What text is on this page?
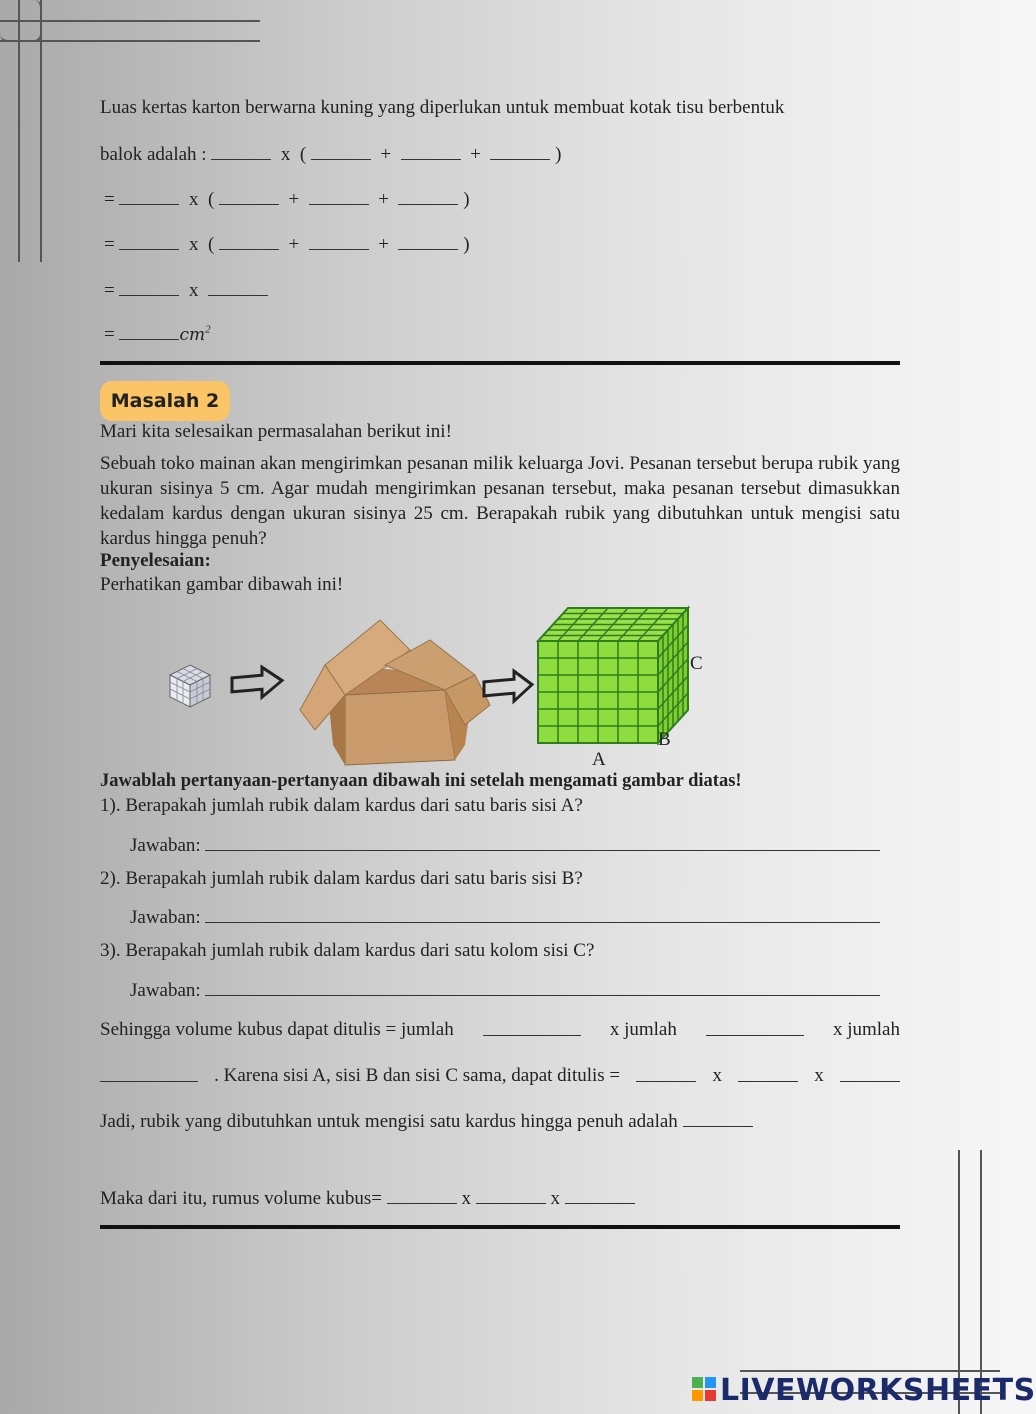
Luas kertas karton berwarna kuning yang diperlukan untuk membuat kotak tisu berbentuk
balok adalah :	x (	+	+	)
=	x (	+	+	)
=	x (	+	+	)
=	x
=	$cm^2$
Masalah 2
Mari kita selesaikan permasalahan berikut ini!
Sebuah toko mainan akan mengirimkan pesanan milik keluarga Jovi. Pesanan tersebut berupa rubik yang ukuran sisinya 5 cm. Agar mudah mengirimkan pesanan tersebut, maka pesanan tersebut dimasukkan kedalam kardus dengan ukuran sisinya 25 cm. Berapakah rubik yang dibutuhkan untuk mengisi satu kardus hingga penuh?
Penyelesaian:
Perhatikan gambar dibawah ini!
A
B
C
Jawablah pertanyaan-pertanyaan dibawah ini setelah mengamati gambar diatas!
1). Berapakah jumlah rubik dalam kardus dari satu baris sisi A?
Jawaban:
2). Berapakah jumlah rubik dalam kardus dari satu baris sisi B?
Jawaban:
3). Berapakah jumlah rubik dalam kardus dari satu kolom sisi C?
Jawaban:
Sehingga volume kubus dapat ditulis = jumlah	x jumlah	x jumlah
. Karena sisi A, sisi B dan sisi C sama, dapat ditulis =	x	x
Jadi, rubik yang dibutuhkan untuk mengisi satu kardus hingga penuh adalah
Maka dari itu, rumus volume kubus=	x	x
LIVEWORKSHEETS
